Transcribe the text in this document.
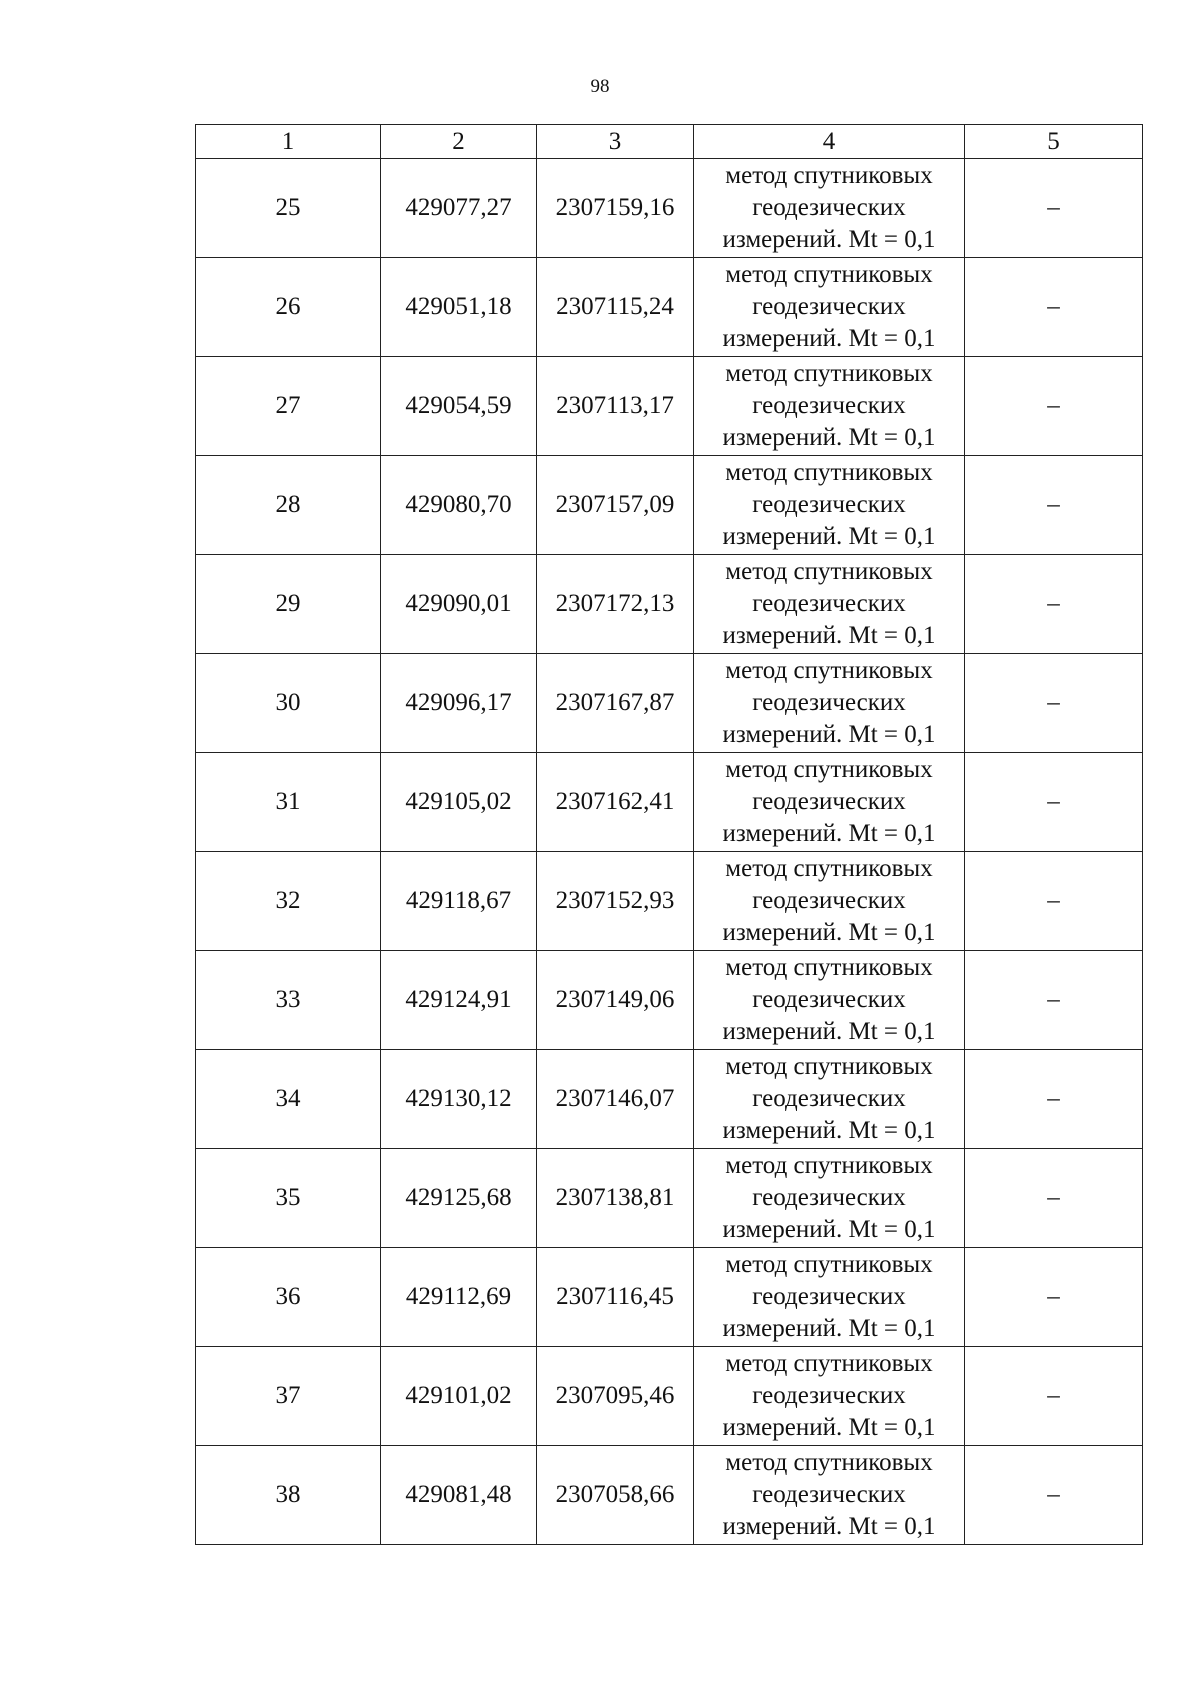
98
1	2	3	4	5
25	429077,27	2307159,16	метод спутниковых
геодезических
измерений. Mt = 0,1	–
26	429051,18	2307115,24	метод спутниковых
геодезических
измерений. Mt = 0,1	–
27	429054,59	2307113,17	метод спутниковых
геодезических
измерений. Mt = 0,1	–
28	429080,70	2307157,09	метод спутниковых
геодезических
измерений. Mt = 0,1	–
29	429090,01	2307172,13	метод спутниковых
геодезических
измерений. Mt = 0,1	–
30	429096,17	2307167,87	метод спутниковых
геодезических
измерений. Mt = 0,1	–
31	429105,02	2307162,41	метод спутниковых
геодезических
измерений. Mt = 0,1	–
32	429118,67	2307152,93	метод спутниковых
геодезических
измерений. Mt = 0,1	–
33	429124,91	2307149,06	метод спутниковых
геодезических
измерений. Mt = 0,1	–
34	429130,12	2307146,07	метод спутниковых
геодезических
измерений. Mt = 0,1	–
35	429125,68	2307138,81	метод спутниковых
геодезических
измерений. Mt = 0,1	–
36	429112,69	2307116,45	метод спутниковых
геодезических
измерений. Mt = 0,1	–
37	429101,02	2307095,46	метод спутниковых
геодезических
измерений. Mt = 0,1	–
38	429081,48	2307058,66	метод спутниковых
геодезических
измерений. Mt = 0,1	–
